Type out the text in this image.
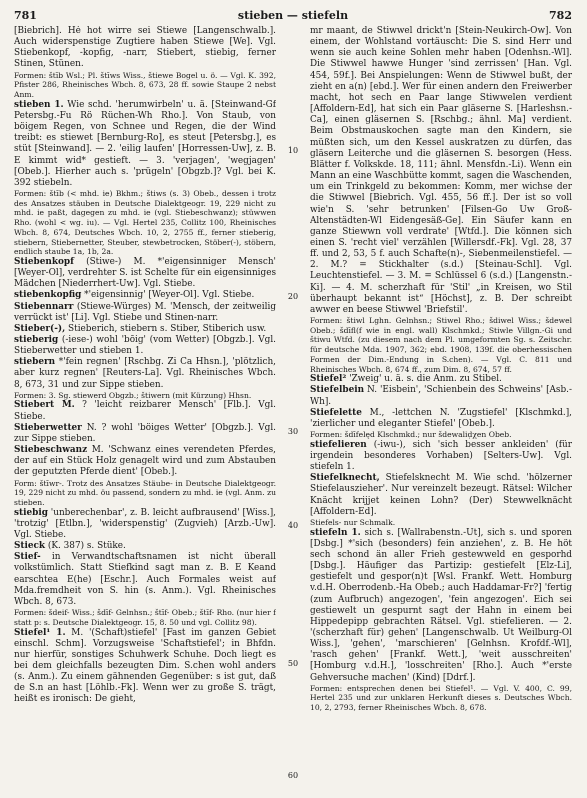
781	stieben — stiefeln	782

[Biebrich]. Hė hot wirre sei Stiewe [Langenschwalb.]. Auch widerspenstige Zugtiere haben Stiewe [We]. Vgl. Stiebenkopf, -kopfig, -narr, Stiebert, stiebig, ferner Stinen, Stünen.

Formen: štīb Wsl.; Pl. štīws Wiss., štiewe Bogel u. ö. — Vgl. K. 392, Pfister 286, Rheinisches Wbch. 8, 673, 28 ff. sowie Staupe 2 nebst Anm.

stieben 1. Wie schd. 'herumwirbeln' u. ä. [Steinwand-Gf Petersbg.-Fu Rö Rüchen-Wh Rho.]. Von Staub, von böigem Regen, von Schnee und Regen, die der Wind treibt: es stiewet [Bernburg-Ro], es steut [Petersbg.], es stüt [Steinwand]. — 2. 'eilig laufen' [Horressen-Uw], z. B. E kimmt wid* gestieft. — 3. 'verjagen', 'wegjagen' [Obeb.]. Hierher auch s. 'prügeln' [Obgzb.]? Vgl. bei K. 392 stiebeln.

Formen: štīb (< mhd. ie) Bkhm.; štiws (s. 3) Obeb., dessen i trotz des Ansatzes stäuben in Deutsche Dialektgeogr. 19, 229 nicht zu mhd. ie paßt, dagegen zu mhd. ie (vgl. Stiebeschwanz); stüwwen Rho. (wohl < wg. iu). — Vgl. Hertel 235, Collitz 100, Rheinisches Wbch. 8, 674, Deutsches Wbch. 10, 2, 2755 ff., ferner stieberig, stiebern, Stiebernetter, Steuber, stewbetrocken, Stöber(-), stöbern, endlich staube 1a, 1b, 2a.

Stiebenkopf (Stiwe-) M. *'eigensinniger Mensch' [Weyer-Ol], verdrehter S. ist Schelte für ein eigensinniges Mädchen [Niederrhert-Uw]. Vgl. Stiebe.

stiebenkopfig *'eigensinnig' [Weyer-Ol]. Vgl. Stiebe.

Stiebennarr (Stiewe-Würges) M. 'Mensch, der zeitweilig verrückt ist' [Li]. Vgl. Stiebe und Stinen-narr.

Stieber(-), Stieberich, stiebern s. Stiber, Stiberich usw.

stieberig (-iese-) wohl 'bōig' (vom Wetter) [Obgzb.]. Vgl. Stieberwetter und stieben 1.

stiebern *'fein regnen' [Rschbg. Zi Ca Hhsn.], 'plötzlich, aber kurz regnen' [Reuters-La]. Vgl. Rheinisches Wbch. 8, 673, 31 und zur Sippe stieben.

Formen: 3. Sg. stiewerd Obgzb.; štiwern (mit Kürzung) Hhsn.

Stiebert M. ? 'leicht reizbarer Mensch' [Flb.]. Vgl. Stiebe.

Stieberwetter N. ? wohl 'böiges Wetter' [Obgzb.]. Vgl. zur Sippe stieben.

Stiebeschwanz M. 'Schwanz eines verendeten Pferdes, der auf ein Stück Holz genagelt wird und zum Abstauben der geputzten Pferde dient' [Obeb.].

Form: štīwr-. Trotz des Ansatzes Stäube- in Deutsche Dialektgeogr. 19, 229 nicht zu mhd. öu passend, sondern zu mhd. ie (vgl. Anm. zu stieben.

stiebig 'unberechenbar', z. B. leicht aufbrausend' [Wiss.], 'trotzig' [Etlbn.], 'widerspenstig' (Zugvieh) [Arzb.-Uw]. Vgl. Stiebe.

Stieck (K. 387) s. Stüke.

Stief- in Verwandtschaftsnamen ist nicht überall volkstümlich. Statt Stiefkind sagt man z. B. E Keand earschtea E(he) [Eschr.]. Auch Formales weist auf Mda.fremdheit von S. hin (s. Anm.). Vgl. Rheinisches Wbch. 8, 673.

Formen: šdeif- Wiss.; šdīf- Gelnhsn.; štīf- Obeb.; štīf- Rho. (nur hier f statt p: s. Deutsche Dialektgeogr. 15, 8. 50 und vgl. Collitz 98).

Stiefel¹ 1. M. '(Schaft)stiefel' [Fast im ganzen Gebiet einschl. Schm]. Vorzugsweise 'Schaftstiefel'; in Bhfdn. nur hierfür, sonstiges Schuhwerk Schuhe. Doch liegt es bei dem gleichfalls bezeugten Dim. S.chen wohl anders (s. Anm.). Zu einem gähnenden Gegenüber: s ist gut, daß de S.n an hast [Löhlb.-Fk]. Wenn wer zu große S. trägt, heißt es ironisch: De gieht,

10
20
30
40
50
60

mr maant, de Stiwwel drickt'n [Stein-Neukirch-Ow]. Von einem, der Wohlstand vortäuscht: Die S. sind Herr und wenn sie auch keine Sohlen mehr haben [Odenhsn.-Wl]. Die Stiwwel hawwe Hunger 'sind zerrissen' [Han. Vgl. 454, 59f.]. Bei Anspielungen: Wenn de Stiwwel bußt, der zieht en a(n) [ebd.]. Wer für einen andern den Freiwerber macht, hot sech en Paar lange Stiwwelen verdient [Affoldern-Ed], hat sich ein Paar gläserne S. [Harleshsn.-Ca], einen gläsernen S. [Rschbg.; ähnl. Ma] verdient. Beim Obstmauskochen sagte man den Kindern, sie müßten sich, um den Kessel auskratzen zu dürfen, das gläsern Leiterche und die gläsernen S. besorgen (Hess. Blätter f. Volkskde. 18, 111; ähnl. Mensfdn.-Li). Wenn ein Mann an eine Waschbütte kommt, sagen die Waschenden, um ein Trinkgeld zu bekommen: Komm, mer wichse der die Stiwwel [Biebrich. Vgl. 455, 56 ff.]. Der ist so voll wie'n S. 'sehr betrunken' [Filsen-Go Uw Groß-Altenstädten-Wl Eidengesäß-Ge]. Ein Säufer kann en ganze Stiewwn voll verdrate' [Wtfd.]. Die können sich einen S. 'recht viel' verzählen [Willersdf.-Fk]. Vgl. 28, 37 ff. und 2, 53, 5 f. auch Schafte(n)-, Siebenmeilenstiefel. — 2. M.? = Stickhalter (s.d.) [Steinau-Schl]. Vgl. Leuchtenstiefel. — 3. M. = Schlüssel 6 (s.d.) [Langenstn.-Ki]. — 4. M. scherzhaft für 'Stil' „in Kreisen, wo Stil überhaupt bekannt ist“ [Höchst], z. B. Der schreibt awwer en beese Stiwwel 'Briefstil'.

Formen: štiwl Lghn. Gelnhsn.; Stiwel Rho.; šdiwel Wiss.; šdewel Obeb.; šdīfl(f wie in engl. wall) Klschmkd.; Stiwle Villgn.-Gi und štiwu Wtfd. (zu diesem nach dem Pl. umgeformten Sg. s. Zeitschr. für deutsche Mda. 1907, 362; ebd. 1908, 139f. die oberhessischen Formen der Dim.-Endung in S.chen). — Vgl. C. 811 und Rheinisches Wbch. 8, 674 ff., zum Dim. 8, 674, 57 ff.

Stiefel² 'Zweig' u. ä. s. die Anm. zu Stibel.

Stiefelbein N. 'Eisbein', 'Schienbein des Schweins' [Asb.-Wh].

Stiefelette M., -lettchen N. 'Zugstiefel' [Klschmkd.], 'zierlicher und eleganter Stiefel' [Obeb.].

Formen: šdīfelęd Klschmkd.; nur šdewaliḍχen Obeb.

stiefelieren (-iwu-), sich 'sich besser ankleiden' (für irgendein besonderes Vorhaben) [Selters-Uw]. Vgl. stiefeln 1.

Stiefelknecht, Stiefelsknecht M. Wie schd. 'hölzerner Stiefelauszieher'. Nur vereinzelt bezeugt. Rätsel: Wilcher Knächt krijjet keinen Lohn? (Der) Stewwelknächt [Affoldern-Ed].

Stiefels- nur Schmalk.

stiefeln 1. sich s. [Wallrabenstn.-Ut], sich s. und sporen [Dsbg.] *'sich (besonders) fein anziehen', z. B. He höt sech schond än aller Frieh gestewweld en gesporhd [Dsbg.]. Häufiger das Partizip: gestiefelt [Elz-Li], gestiefelt und gespor(n)t [Wsl. Frankf. Wett. Homburg v.d.H. Oberrodenb.-Ha Obeb.; auch Haddamar-Fr?] 'fertig (zum Aufbruch) angezogen', 'fein angezogen'. Eich sei gestiewelt un gespurnt sagt der Hahn in einem bei Hippedepipp gebrachten Rätsel. Vgl. stiefelieren. — 2. '(scherzhaft für) gehen' [Langenschwalb. Ut Weilburg-Ol Wiss.], 'gehen', 'marschieren' [Gelnhsn. Krofdf.-Wl], 'rasch gehen' [Frankf. Wett.], 'weit ausschreiten' [Homburg v.d.H.], 'losschreiten' [Rho.]. Auch *'erste Gehversuche machen' (Kind) [Ddrf.].

Formen: entsprechen denen bei Stiefel¹. — Vgl. V. 400, C. 99, Hertel 235 und zur unklaren Herkunft dieses s. Deutsches Wbch. 10, 2, 2793, ferner Rheinisches Wbch. 8, 678.
